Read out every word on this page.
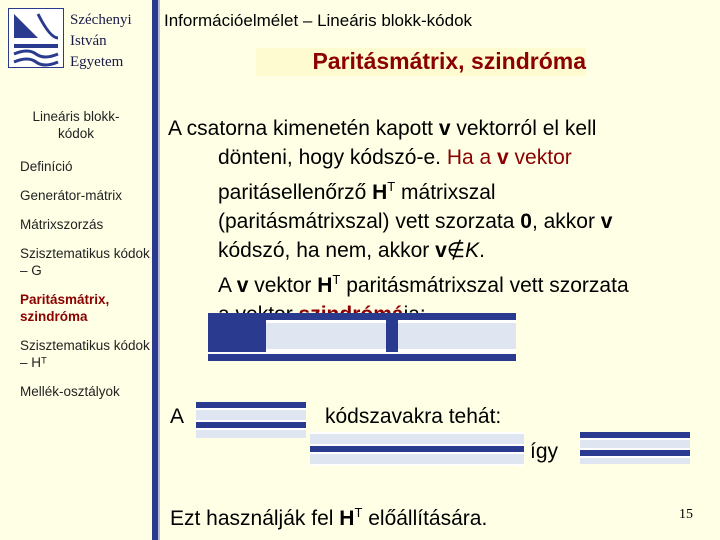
Széchenyi
István
Egyetem
Lineáris blokk-kódok
Definíció
Generátor-mátrix
Mátrixszorzás
Szisztematikus kódok – G
Paritásmátrix, szindróma
Szisztematikus kódok – Hᵀ
Mellék-osztályok
Információelmélet – Lineáris blokk-kódok
Paritásmátrix, szindróma
A csatorna kimenetén kapott v vektorról el kell
dönteni, hogy kódszó-e. Ha a v vektor
paritásellenőrző $H^T$ mátrixszal
(paritásmátrixszal) vett szorzata 0, akkor v
kódszó, ha nem, akkor v∉K.
A v vektor $H^T$ paritásmátrixszal vett szorzata
A	kódszavakra tehát:
így
Ezt használják fel $H^T$ előállítására.	15
